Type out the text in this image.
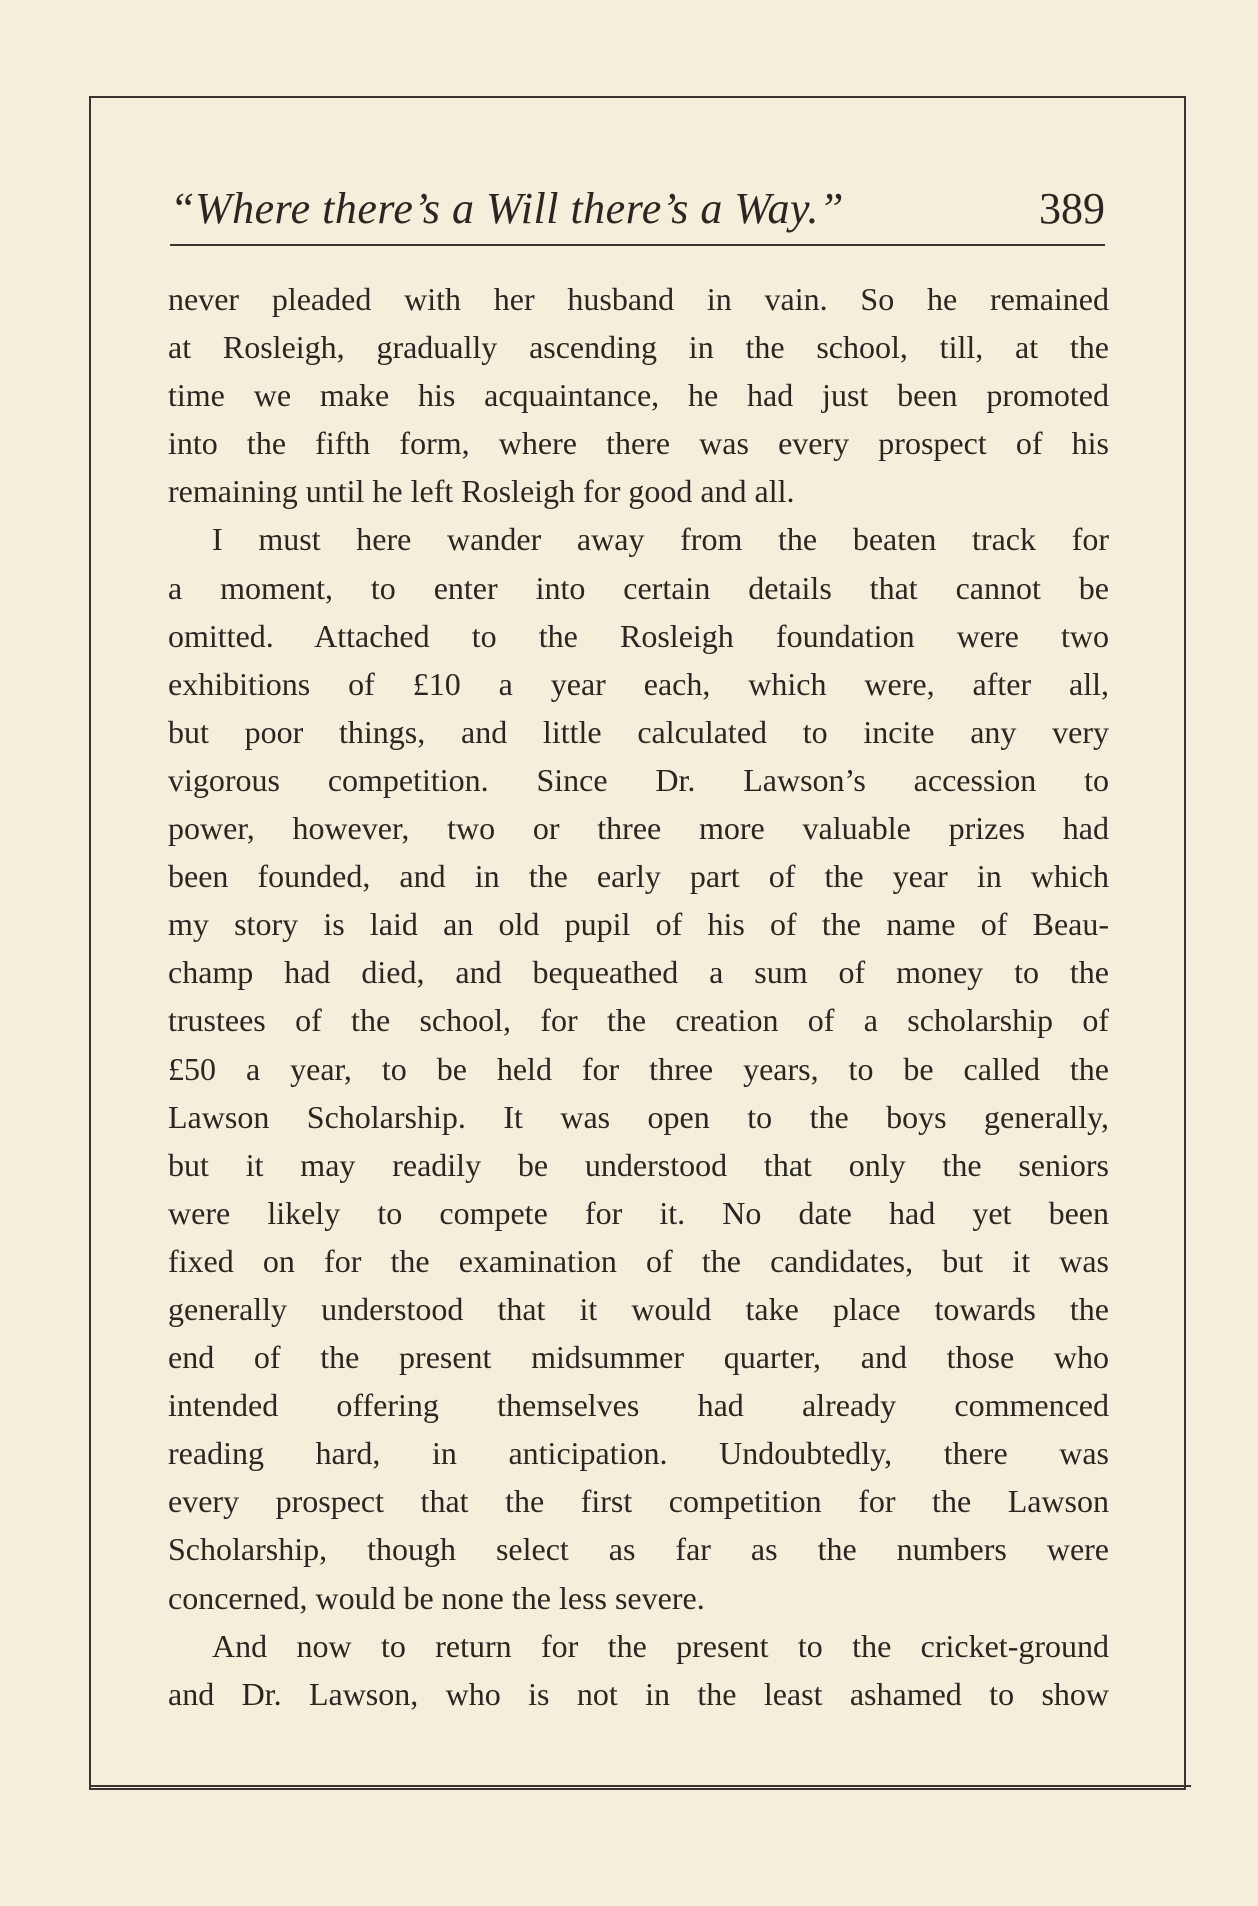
“Where there’s a Will there’s a Way.”	389
never pleaded with her husband in vain. So he remained
at Rosleigh, gradually ascending in the school, till, at the
time we make his acquaintance, he had just been promoted
into the fifth form, where there was every prospect of his
remaining until he left Rosleigh for good and all.
I must here wander away from the beaten track for
a moment, to enter into certain details that cannot be
omitted. Attached to the Rosleigh foundation were two
exhibitions of £10 a year each, which were, after all,
but poor things, and little calculated to incite any very
vigorous competition. Since Dr. Lawson’s accession to
power, however, two or three more valuable prizes had
been founded, and in the early part of the year in which
my story is laid an old pupil of his of the name of Beau-
champ had died, and bequeathed a sum of money to the
trustees of the school, for the creation of a scholarship of
£50 a year, to be held for three years, to be called the
Lawson Scholarship. It was open to the boys generally,
but it may readily be understood that only the seniors
were likely to compete for it. No date had yet been
fixed on for the examination of the candidates, but it was
generally understood that it would take place towards the
end of the present midsummer quarter, and those who
intended offering themselves had already commenced
reading hard, in anticipation. Undoubtedly, there was
every prospect that the first competition for the Lawson
Scholarship, though select as far as the numbers were
concerned, would be none the less severe.
And now to return for the present to the cricket-ground
and Dr. Lawson, who is not in the least ashamed to show
